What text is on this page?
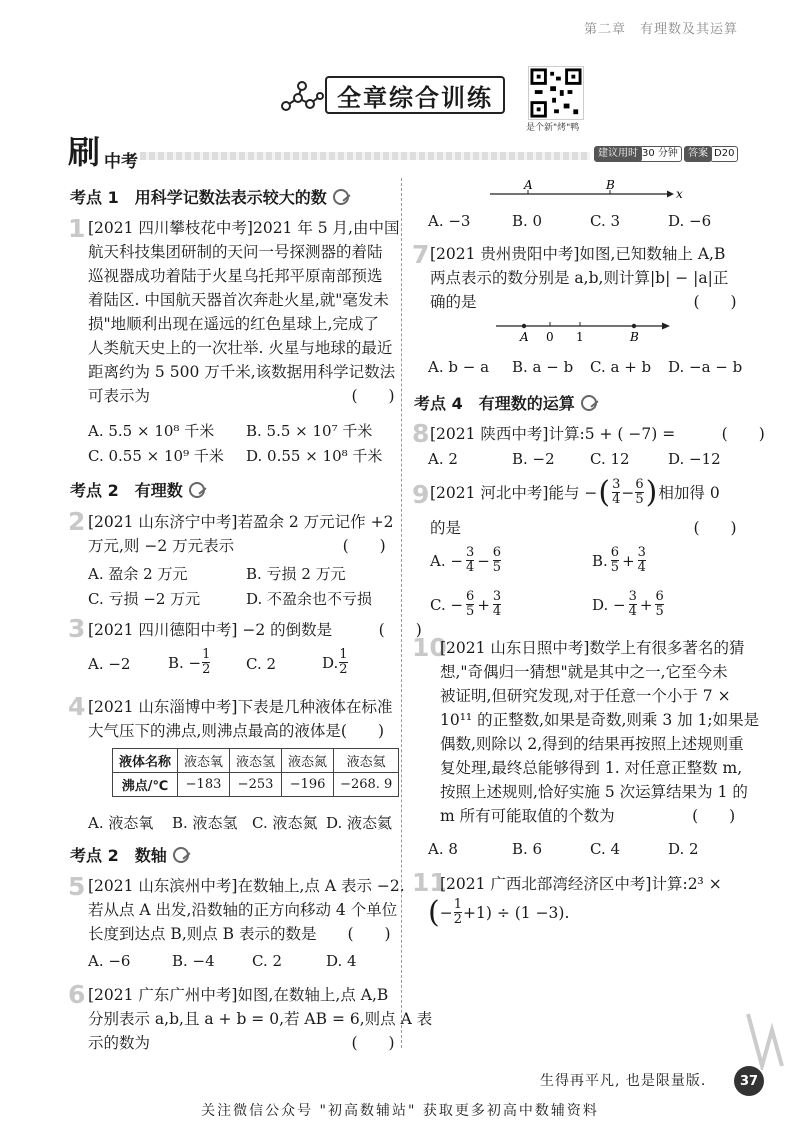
第二章　有理数及其运算
全章综合训练
是个新"烤"鸭
刷 中考	建议用时 30 分钟	答案 D20
考点 1　用科学记数法表示较大的数
1 [2021 四川攀枝花中考]2021 年 5 月,由中国
航天科技集团研制的天问一号探测器的着陆
巡视器成功着陆于火星乌托邦平原南部预选
着陆区. 中国航天器首次奔赴火星,就"毫发未
损"地顺利出现在遥远的红色星球上,完成了
人类航天史上的一次壮举. 火星与地球的最近
距离约为 5 500 万千米,该数据用科学记数法
可表示为　　　　　　　　　　　　　(　　)
A. 5.5 × 10⁸ 千米 B. 5.5 × 10⁷ 千米
C. 0.55 × 10⁹ 千米 D. 0.55 × 10⁸ 千米
考点 2　有理数
2 [2021 山东济宁中考]若盈余 2 万元记作 +2
万元,则 −2 万元表示　　　　　　　(　　)
A. 盈余 2 万元	B. 亏损 2 万元
C. 亏损 −2 万元	D. 不盈余也不亏损
3 [2021 四川德阳中考] −2 的倒数是　　　(　　)
A. −2	B. − $\frac{1}{2} C$. 2	D. $\frac{1}{2}$
4 [2021 山东淄博中考]下表是几种液体在标准
大气压下的沸点,则沸点最高的液体是(　　)
液体名称	液态氧	液态氢	液态氮	液态氦
沸点/℃	−183	−253	−196	−268. 9
A. 液态氧 B. 液态氢 C. 液态氮 D. 液态氦
考点 2　数轴
5 [2021 山东滨州中考]在数轴上,点 A 表示 −2.
若从点 A 出发,沿数轴的正方向移动 4 个单位
长度到达点 B,则点 B 表示的数是　　(　　)
A. −6	B. −4 C. 2	D. 4
6 [2021 广东广州中考]如图,在数轴上,点 A,B
分别表示 a,b,且 a + b = 0,若 AB = 6,则点 A 表
示的数为　　　　　　　　　　　　　(　　)
A	B
x
A. −3	B. 0	C. 3	D. −6
7 [2021 贵州贵阳中考]如图,已知数轴上 A,B
两点表示的数分别是 a,b,则计算|b| − |a|正
确的是　　　　　　　　　　　　　　(　　)
A 0 1	B
A. b − a B. a − b C. a + b D. −a − b
考点 4　有理数的运算
8 [2021 陕西中考]计算:5 + ( −7) =　　　(　　)
A. 2	B. −2 C. 12	D. −12
9 [2021 河北中考]能与 − ( $\frac{3}{4} - \frac{6}{5}$ ) 相加得 0
的是　　　　　　　　　　　　　　　(　　)
A. − $\frac{3}{4} - \frac{6}{5}$	B. $\frac{6}{5} + \frac{3}{4}$
C. − $\frac{6}{5} + \frac{3}{4}$	D. − $\frac{3}{4} + \frac{6}{5}$
10
[2021 山东日照中考]数学上有很多著名的猜
想,"奇偶归一猜想"就是其中之一,它至今未
被证明,但研究发现,对于任意一个小于 7 ×
10¹¹ 的正整数,如果是奇数,则乘 3 加 1;如果是
偶数,则除以 2,得到的结果再按照上述规则重
复处理,最终总能够得到 1. 对任意正整数 m,
按照上述规则,恰好实施 5 次运算结果为 1 的
m 所有可能取值的个数为　　　　　(　　)
A. 8	B. 6	C. 4	D. 2
11
[2021 广西北部湾经济区中考]计算:2³ ×
( − $\frac{1}{2} +1) \div (1 -3)$.
生得再平凡, 也是限量版.	37
关注微信公众号 "初高数辅站" 获取更多初高中数辅资料
